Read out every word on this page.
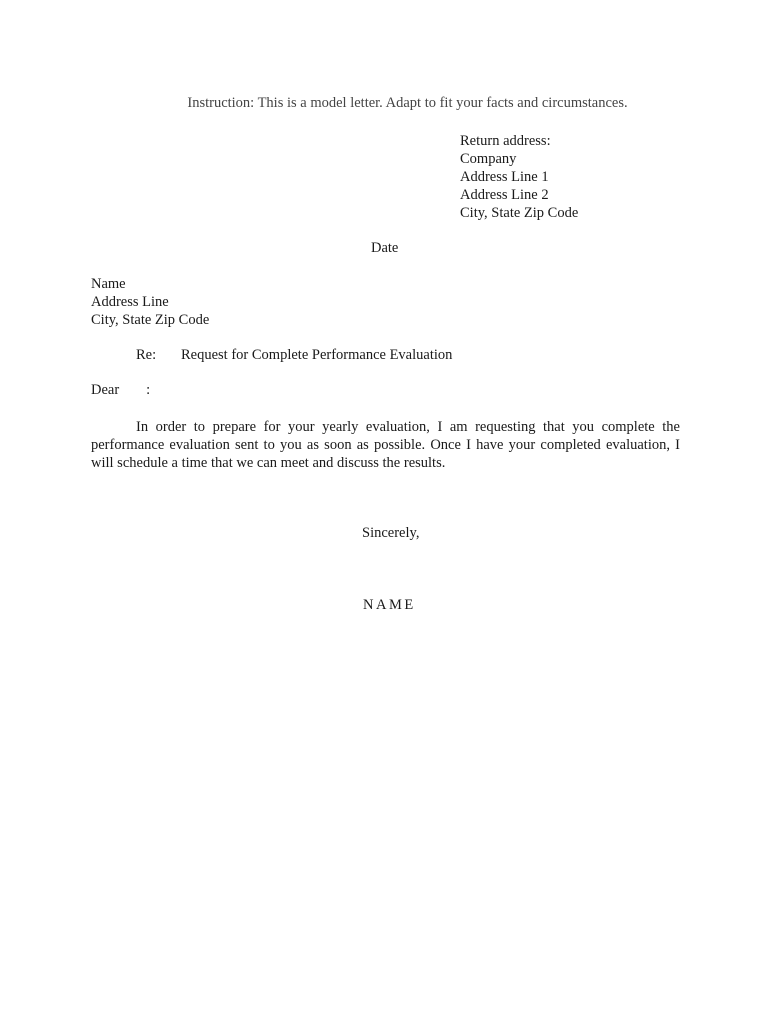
Instruction: This is a model letter. Adapt to fit your facts and circumstances.
Return address:
Company
Address Line 1
Address Line 2
City, State Zip Code
Date
Name
Address Line
City, State Zip Code
Re: Request for Complete Performance Evaluation
Dear :
In order to prepare for your yearly evaluation, I am requesting that you complete the performance evaluation sent to you as soon as possible. Once I have your completed evaluation, I will schedule a time that we can meet and discuss the results.
Sincerely,
NAME
